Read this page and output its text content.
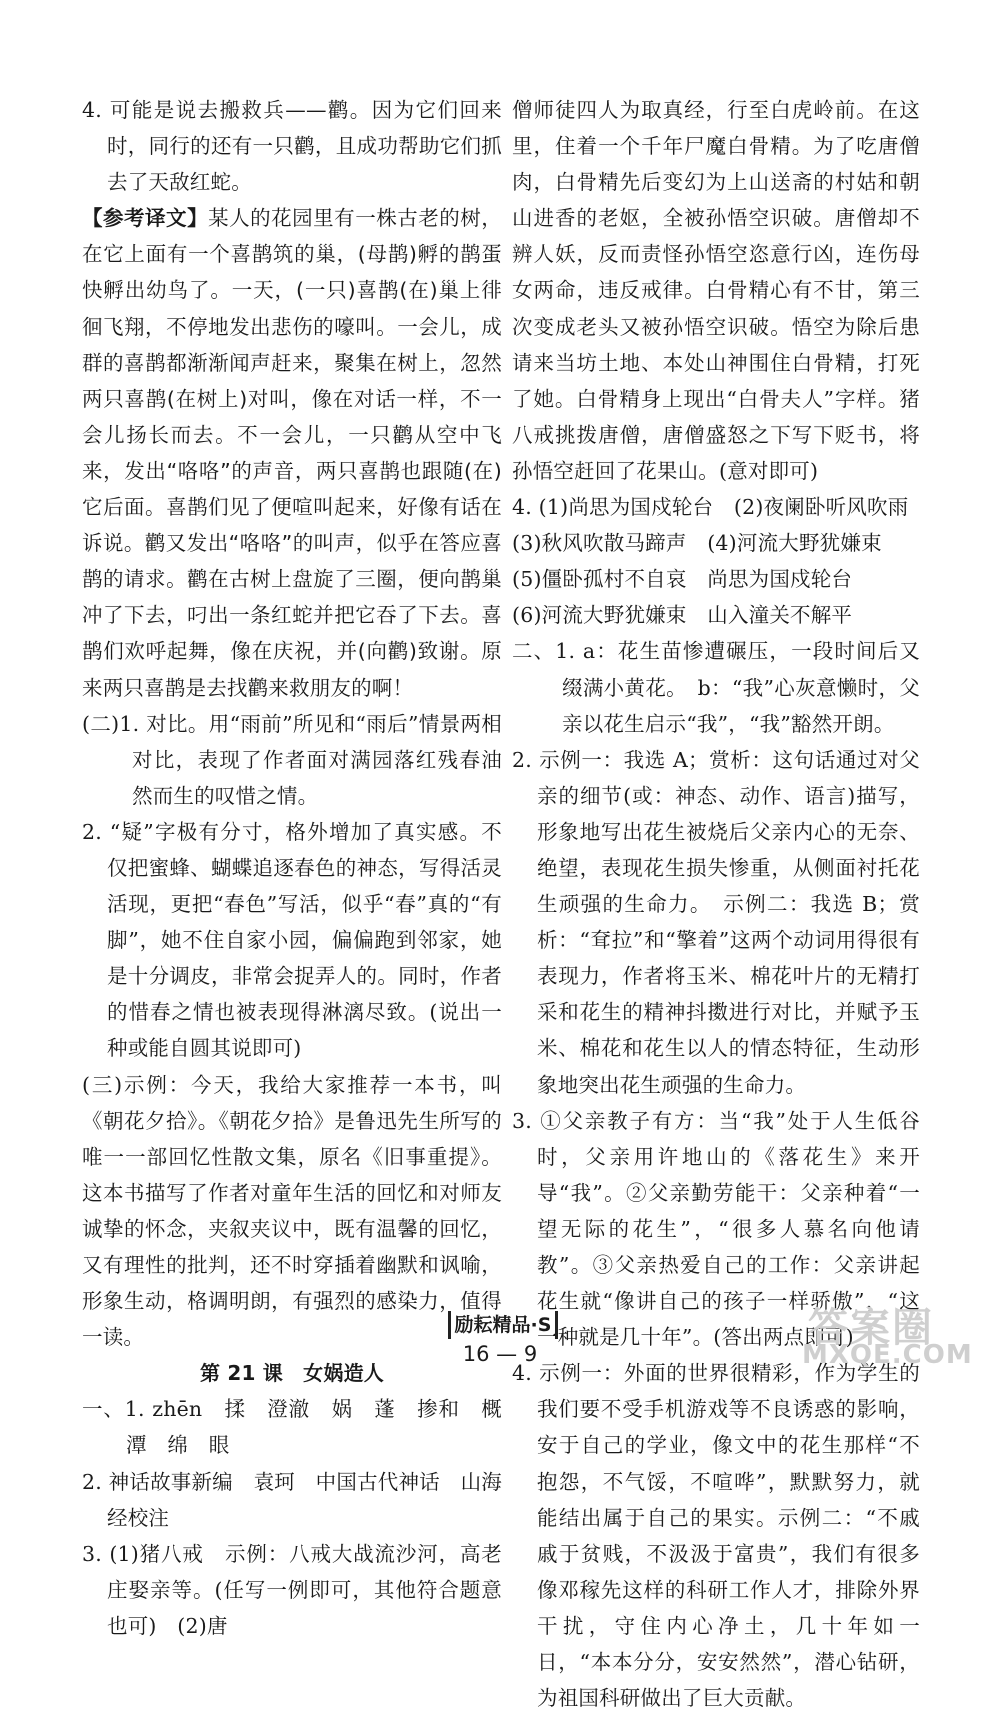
4. 可能是说去搬救兵——鹳。因为它们回来时，同行的还有一只鹳，且成功帮助它们抓去了天敌红蛇。

【参考译文】某人的花园里有一株古老的树，在它上面有一个喜鹊筑的巢，(母鹊)孵的鹊蛋快孵出幼鸟了。一天，(一只)喜鹊(在)巢上徘徊飞翔，不停地发出悲伤的嚎叫。一会儿，成群的喜鹊都渐渐闻声赶来，聚集在树上，忽然两只喜鹊(在树上)对叫，像在对话一样，不一会儿扬长而去。不一会儿，一只鹳从空中飞来，发出“咯咯”的声音，两只喜鹊也跟随(在)它后面。喜鹊们见了便喧叫起来，好像有话在诉说。鹳又发出“咯咯”的叫声，似乎在答应喜鹊的请求。鹳在古树上盘旋了三圈，便向鹊巢冲了下去，叼出一条红蛇并把它吞了下去。喜鹊们欢呼起舞，像在庆祝，并(向鹳)致谢。原来两只喜鹊是去找鹳来救朋友的啊！

(二)1. 对比。用“雨前”所见和“雨后”情景两相对比，表现了作者面对满园落红残春油然而生的叹惜之情。

2. “疑”字极有分寸，格外增加了真实感。不仅把蜜蜂、蝴蝶追逐春色的神态，写得活灵活现，更把“春色”写活，似乎“春”真的“有脚”，她不住自家小园，偏偏跑到邻家，她是十分调皮，非常会捉弄人的。同时，作者的惜春之情也被表现得淋漓尽致。(说出一种或能自圆其说即可)

(三)示例：今天，我给大家推荐一本书，叫《朝花夕拾》。《朝花夕拾》是鲁迅先生所写的唯一一部回忆性散文集，原名《旧事重提》。这本书描写了作者对童年生活的回忆和对师友诚挚的怀念，夹叙夹议中，既有温馨的回忆，又有理性的批判，还不时穿插着幽默和讽喻，形象生动，格调明朗，有强烈的感染力，值得一读。

第 21 课　女娲造人

一、1. zhēn　揉　澄澈　娲　蓬　掺和　概　潭　绵　眼

2. 神话故事新编　袁珂　中国古代神话　山海经校注

3. (1)猪八戒　示例：八戒大战流沙河，高老庄娶亲等。(任写一例即可，其他符合题意也可)　(2)唐

僧师徒四人为取真经，行至白虎岭前。在这里，住着一个千年尸魔白骨精。为了吃唐僧肉，白骨精先后变幻为上山送斋的村姑和朝山进香的老妪，全被孙悟空识破。唐僧却不辨人妖，反而责怪孙悟空恣意行凶，连伤母女两命，违反戒律。白骨精心有不甘，第三次变成老头又被孙悟空识破。悟空为除后患请来当坊土地、本处山神围住白骨精，打死了她。白骨精身上现出“白骨夫人”字样。猪八戒挑拨唐僧，唐僧盛怒之下写下贬书，将孙悟空赶回了花果山。(意对即可)

4. (1)尚思为国戍轮台　(2)夜阑卧听风吹雨

(3)秋风吹散马蹄声　(4)河流大野犹嫌束

(5)僵卧孤村不自哀　尚思为国戍轮台

(6)河流大野犹嫌束　山入潼关不解平

二、1. a：花生苗惨遭碾压，一段时间后又缀满小黄花。　b：“我”心灰意懒时，父亲以花生启示“我”，“我”豁然开朗。

2. 示例一：我选 A；赏析：这句话通过对父亲的细节(或：神态、动作、语言)描写，形象地写出花生被烧后父亲内心的无奈、绝望，表现花生损失惨重，从侧面衬托花生顽强的生命力。　示例二：我选 B；赏析：“耷拉”和“擎着”这两个动词用得很有表现力，作者将玉米、棉花叶片的无精打采和花生的精神抖擞进行对比，并赋予玉米、棉花和花生以人的情态特征，生动形象地突出花生顽强的生命力。

3. ①父亲教子有方：当“我”处于人生低谷时，父亲用许地山的《落花生》来开导“我”。②父亲勤劳能干：父亲种着“一望无际的花生”，“很多人慕名向他请教”。③父亲热爱自己的工作：父亲讲起花生就“像讲自己的孩子一样骄傲”，“这一种就是几十年”。(答出两点即可)

4. 示例一：外面的世界很精彩，作为学生的我们要不受手机游戏等不良诱惑的影响，安于自己的学业，像文中的花生那样“不抱怨，不气馁，不喧哗”，默默努力，就能结出属于自己的果实。示例二：“不戚戚于贫贱，不汲汲于富贵”，我们有很多像邓稼先这样的科研工作人才，排除外界干扰，守住内心净土，几十年如一日，“本本分分，安安然然”，潜心钻研，为祖国科研做出了巨大贡献。

励耘精品·S
16 — 9
答案圈
MXQE.COM
